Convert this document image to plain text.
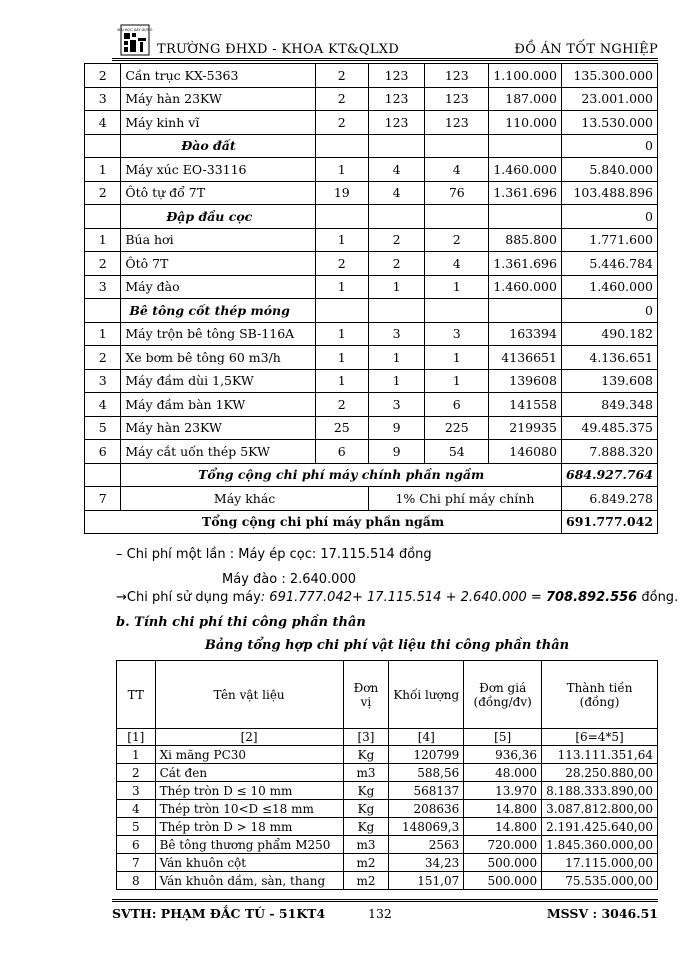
ĐẠI HỌC XÂY DỰNG
TRƯỜNG ĐHXD - KHOA KT&QLXD	ĐỒ ÁN TỐT NGHIỆP
2	Cần trục KX-5363	2	123	123	1.100.000	135.300.000
3	Máy hàn 23KW	2	123	123	187.000	23.001.000
4	Máy kinh vĩ	2	123	123	110.000	13.530.000
	Đào đất					0
1	Máy xúc EO-33116	1	4	4	1.460.000	5.840.000
2	Ôtô tự đổ 7T	19	4	76	1.361.696	103.488.896
	Đập đầu cọc					0
1	Búa hơi	1	2	2	885.800	1.771.600
2	Ôtô 7T	2	2	4	1.361.696	5.446.784
3	Máy đào	1	1	1	1.460.000	1.460.000
	Bê tông cốt thép móng					0
1	Máy trộn bê tông SB-116A	1	3	3	163394	490.182
2	Xe bơm bê tông 60 m3/h	1	1	1	4136651	4.136.651
3	Máy đầm dùi 1,5KW	1	1	1	139608	139.608
4	Máy đầm bàn 1KW	2	3	6	141558	849.348
5	Máy hàn 23KW	25	9	225	219935	49.485.375
6	Máy cắt uốn thép 5KW	6	9	54	146080	7.888.320
	Tổng cộng chi phí máy chính phần ngầm					684.927.764
7	Máy khác		1% Chi phí máy chính			6.849.278
Tổng cộng chi phí máy phần ngầm						691.777.042
– Chi phí một lần : Máy ép cọc: 17.115.514 đồng
Máy đào : 2.640.000
→Chi phí sử dụng máy: 691.777.042+ 17.115.514 + 2.640.000 = 708.892.556 đồng.
b. Tính chi phí thi công phần thân
Bảng tổng hợp chi phí vật liệu thi công phần thân
TT	Tên vật liệu	Đơn vị	Khối lượng	Đơn giá (đồng/đv)	Thành tiền (đồng)
[1]	[2]	[3]	[4]	[5]	[6=4*5]
1	Xi măng PC30	Kg	120799	936,36	113.111.351,64
2	Cát đen	m3	588,56	48.000	28.250.880,00
3	Thép tròn D ≤ 10 mm	Kg	568137	13.970	8.188.333.890,00
4	Thép tròn 10<D ≤18 mm	Kg	208636	14.800	3.087.812.800,00
5	Thép tròn D > 18 mm	Kg	148069,3	14.800	2.191.425.640,00
6	Bê tông thương phẩm M250	m3	2563	720.000	1.845.360.000,00
7	Ván khuôn cột	m2	34,23	500.000	17.115.000,00
8	Ván khuôn dầm, sàn, thang	m2	151,07	500.000	75.535.000,00
SVTH: PHẠM ĐẮC TÚ - 51KT4	132	MSSV : 3046.51
